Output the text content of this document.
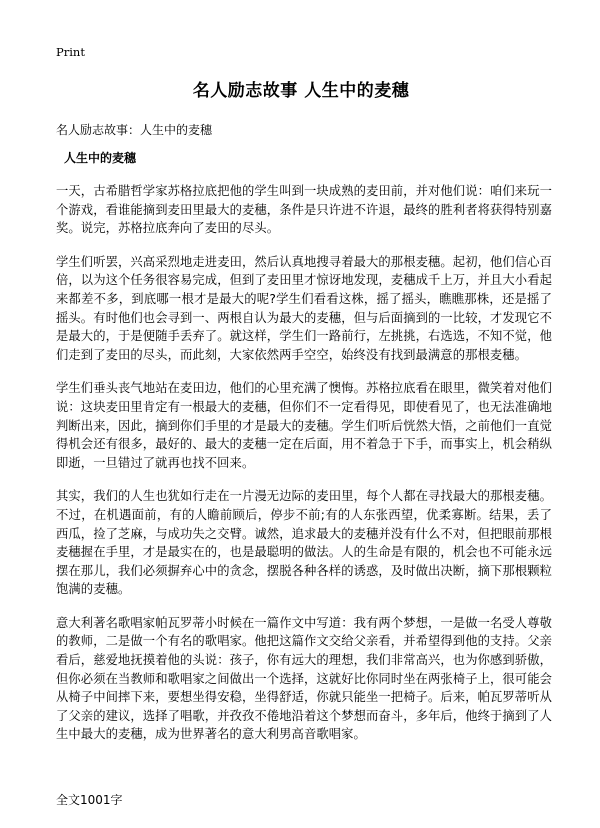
Print
名人励志故事 人生中的麦穗
名人励志故事：人生中的麦穗
人生中的麦穗

一天，古希腊哲学家苏格拉底把他的学生叫到一块成熟的麦田前，并对他们说：咱们来玩一个游戏，看谁能摘到麦田里最大的麦穗，条件是只许进不许退，最终的胜利者将获得特别嘉奖。说完，苏格拉底奔向了麦田的尽头。

学生们听罢，兴高采烈地走进麦田，然后认真地搜寻着最大的那根麦穗。起初，他们信心百倍，以为这个任务很容易完成，但到了麦田里才惊讶地发现，麦穗成千上万，并且大小看起来都差不多，到底哪一根才是最大的呢?学生们看看这株，摇了摇头，瞧瞧那株，还是摇了摇头。有时他们也会寻到一、两根自认为最大的麦穗，但与后面摘到的一比较，才发现它不是最大的，于是便随手丢弃了。就这样，学生们一路前行，左挑挑，右选选，不知不觉，他们走到了麦田的尽头，而此刻，大家依然两手空空，始终没有找到最满意的那根麦穗。

学生们垂头丧气地站在麦田边，他们的心里充满了懊悔。苏格拉底看在眼里，微笑着对他们说：这块麦田里肯定有一根最大的麦穗，但你们不一定看得见，即使看见了，也无法准确地判断出来，因此，摘到你们手里的才是最大的麦穗。学生们听后恍然大悟，之前他们一直觉得机会还有很多，最好的、最大的麦穗一定在后面，用不着急于下手，而事实上，机会稍纵即逝，一旦错过了就再也找不回来。

其实，我们的人生也犹如行走在一片漫无边际的麦田里，每个人都在寻找最大的那根麦穗。不过，在机遇面前，有的人瞻前顾后，停步不前;有的人东张西望，优柔寡断。结果，丢了西瓜，捡了芝麻，与成功失之交臂。诚然，追求最大的麦穗并没有什么不对，但把眼前那根麦穗握在手里，才是最实在的，也是最聪明的做法。人的生命是有限的，机会也不可能永远摆在那儿，我们必须摒弃心中的贪念，摆脱各种各样的诱惑，及时做出决断，摘下那根颗粒饱满的麦穗。

意大利著名歌唱家帕瓦罗蒂小时候在一篇作文中写道：我有两个梦想，一是做一名受人尊敬的教师，二是做一个有名的歌唱家。他把这篇作文交给父亲看，并希望得到他的支持。父亲看后，慈爱地抚摸着他的头说：孩子，你有远大的理想，我们非常高兴，也为你感到骄傲，但你必须在当教师和歌唱家之间做出一个选择，这就好比你同时坐在两张椅子上，很可能会从椅子中间摔下来，要想坐得安稳，坐得舒适，你就只能坐一把椅子。后来，帕瓦罗蒂听从了父亲的建议，选择了唱歌，并孜孜不倦地沿着这个梦想而奋斗，多年后，他终于摘到了人生中最大的麦穗，成为世界著名的意大利男高音歌唱家。

全文1001字
